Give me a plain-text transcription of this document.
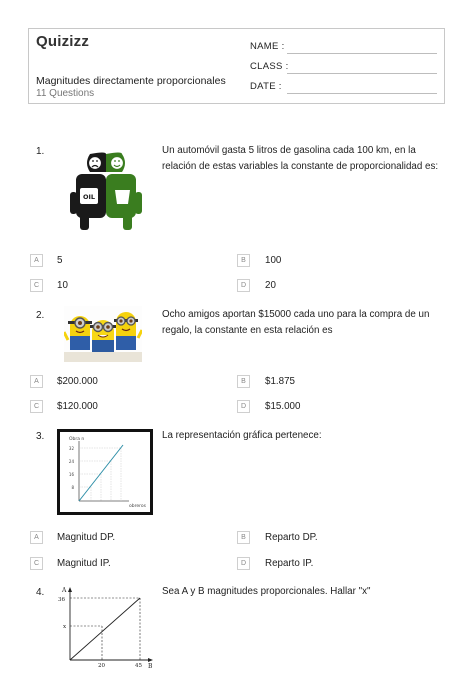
Quizizz
Magnitudes directamente proporcionales
11 Questions
NAME :
CLASS :
DATE :
1.
OIL
Un automóvil gasta 5 litros de gasolina cada 100 km, en la relación de estas variables la constante de proporcionalidad es:
A	5	B	100
C	10	D	20
2.	Ocho amigos aportan $15000 cada uno para la compra de un regalo, la constante en esta relación es
A	$200.000	B	$1.875
C	$120.000	D	$15.000
3.	Obra n
32
24
16
8
obreros
La representación gráfica pertenece:
A	Magnitud DP.	B	Reparto DP.
C	Magnitud IP.	D	Reparto IP.
4.	A
B
36
x
20	45
Sea A y B magnitudes proporcionales. Hallar "x"
